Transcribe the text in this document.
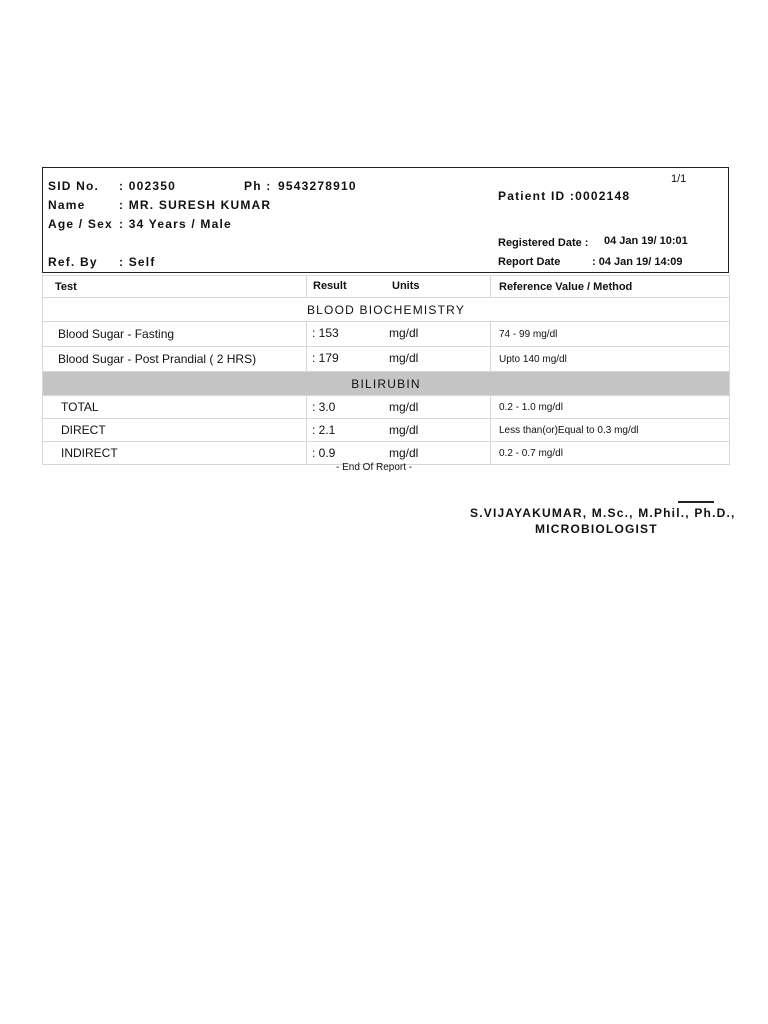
1/1
SID No. : 002350	Ph : 9543278910
Patient ID :0002148
Name	: MR. SURESH KUMAR
Age / Sex : 34 Years / Male
Registered Date : 04 Jan 19/ 10:01
Ref. By : Self	Report Date	: 04 Jan 19/ 14:09
Test	Result Units	Reference Value / Method
BLOOD BIOCHEMISTRY		
Blood Sugar - Fasting	: 153 mg/dl	74 - 99 mg/dl
Blood Sugar - Post Prandial ( 2 HRS)	: 179 mg/dl	Upto 140 mg/dl
BILIRUBIN		
TOTAL	: 3.0 mg/dl	0.2 - 1.0 mg/dl
DIRECT	: 2.1 mg/dl	Less than(or)Equal to 0.3 mg/dl
INDIRECT	: 0.9 mg/dl	0.2 - 0.7 mg/dl
- End Of Report -
S.VIJAYAKUMAR, M.Sc., M.Phil., Ph.D.,
MICROBIOLOGIST
